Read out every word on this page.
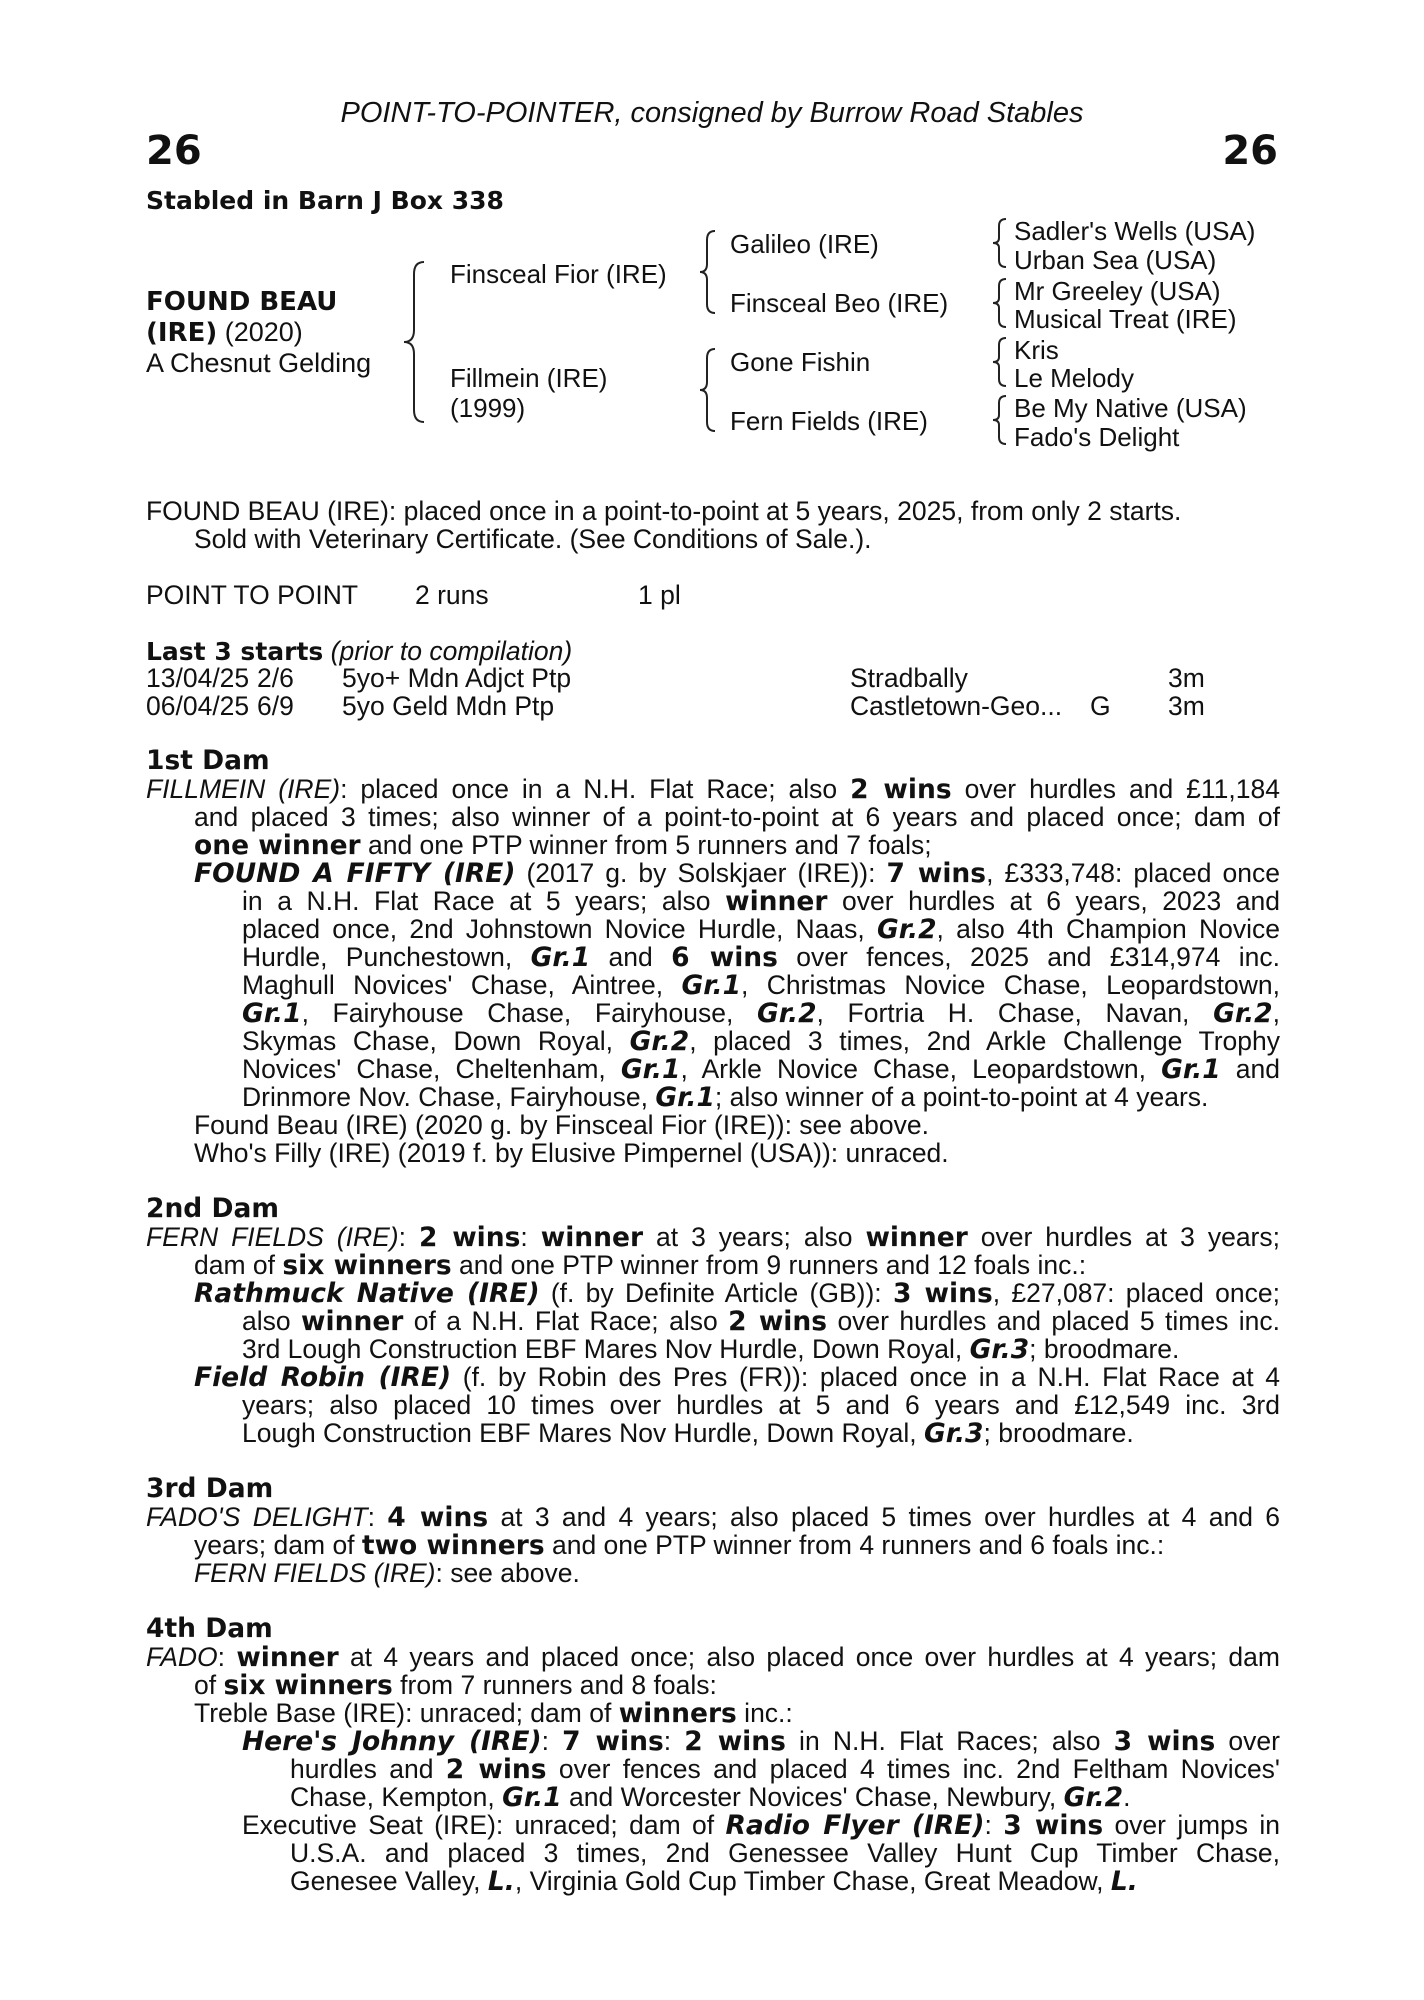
POINT-TO-POINTER, consigned by Burrow Road Stables
26	26
Stabled in Barn J Box 338
FOUND BEAU
(IRE) (2020)
A Chesnut Gelding
Finsceal Fior (IRE)
Fillmein (IRE)
(1999)
Galileo (IRE)
Finsceal Beo (IRE)
Gone Fishin
Fern Fields (IRE)
Sadler's Wells (USA)
Urban Sea (USA)
Mr Greeley (USA)
Musical Treat (IRE)
Kris
Le Melody
Be My Native (USA)
Fado's Delight
FOUND BEAU (IRE): placed once in a point-to-point at 5 years, 2025, from only 2 starts.
Sold with Veterinary Certificate. (See Conditions of Sale.).
POINT TO POINT 2 runs	1 pl
Last 3 starts (prior to compilation)
13/04/25 2/6 5yo+ Mdn Adjct Ptp	Stradbally	3m
06/04/25 6/9 5yo Geld Mdn Ptp	Castletown-Geo... G 3m
1st Dam
FILLMEIN (IRE): placed once in a N.H. Flat Race; also 2 wins over hurdles and £11,184
and placed 3 times; also winner of a point-to-point at 6 years and placed once; dam of
one winner and one PTP winner from 5 runners and 7 foals;
FOUND A FIFTY (IRE) (2017 g. by Solskjaer (IRE)): 7 wins, £333,748: placed once
in a N.H. Flat Race at 5 years; also winner over hurdles at 6 years, 2023 and
placed once, 2nd Johnstown Novice Hurdle, Naas, Gr.2, also 4th Champion Novice
Hurdle, Punchestown, Gr.1 and 6 wins over fences, 2025 and £314,974 inc.
Maghull Novices' Chase, Aintree, Gr.1, Christmas Novice Chase, Leopardstown,
Gr.1, Fairyhouse Chase, Fairyhouse, Gr.2, Fortria H. Chase, Navan, Gr.2,
Skymas Chase, Down Royal, Gr.2, placed 3 times, 2nd Arkle Challenge Trophy
Novices' Chase, Cheltenham, Gr.1, Arkle Novice Chase, Leopardstown, Gr.1 and
Drinmore Nov. Chase, Fairyhouse, Gr.1; also winner of a point-to-point at 4 years.
Found Beau (IRE) (2020 g. by Finsceal Fior (IRE)): see above.
Who's Filly (IRE) (2019 f. by Elusive Pimpernel (USA)): unraced.
2nd Dam
FERN FIELDS (IRE): 2 wins: winner at 3 years; also winner over hurdles at 3 years;
dam of six winners and one PTP winner from 9 runners and 12 foals inc.:
Rathmuck Native (IRE) (f. by Definite Article (GB)): 3 wins, £27,087: placed once;
also winner of a N.H. Flat Race; also 2 wins over hurdles and placed 5 times inc.
3rd Lough Construction EBF Mares Nov Hurdle, Down Royal, Gr.3; broodmare.
Field Robin (IRE) (f. by Robin des Pres (FR)): placed once in a N.H. Flat Race at 4
years; also placed 10 times over hurdles at 5 and 6 years and £12,549 inc. 3rd
Lough Construction EBF Mares Nov Hurdle, Down Royal, Gr.3; broodmare.
3rd Dam
FADO'S DELIGHT: 4 wins at 3 and 4 years; also placed 5 times over hurdles at 4 and 6
years; dam of two winners and one PTP winner from 4 runners and 6 foals inc.:
FERN FIELDS (IRE): see above.
4th Dam
FADO: winner at 4 years and placed once; also placed once over hurdles at 4 years; dam
of six winners from 7 runners and 8 foals:
Treble Base (IRE): unraced; dam of winners inc.:
Here's Johnny (IRE): 7 wins: 2 wins in N.H. Flat Races; also 3 wins over
hurdles and 2 wins over fences and placed 4 times inc. 2nd Feltham Novices'
Chase, Kempton, Gr.1 and Worcester Novices' Chase, Newbury, Gr.2.
Executive Seat (IRE): unraced; dam of Radio Flyer (IRE): 3 wins over jumps in
U.S.A. and placed 3 times, 2nd Genessee Valley Hunt Cup Timber Chase,
Genesee Valley, L., Virginia Gold Cup Timber Chase, Great Meadow, L.
